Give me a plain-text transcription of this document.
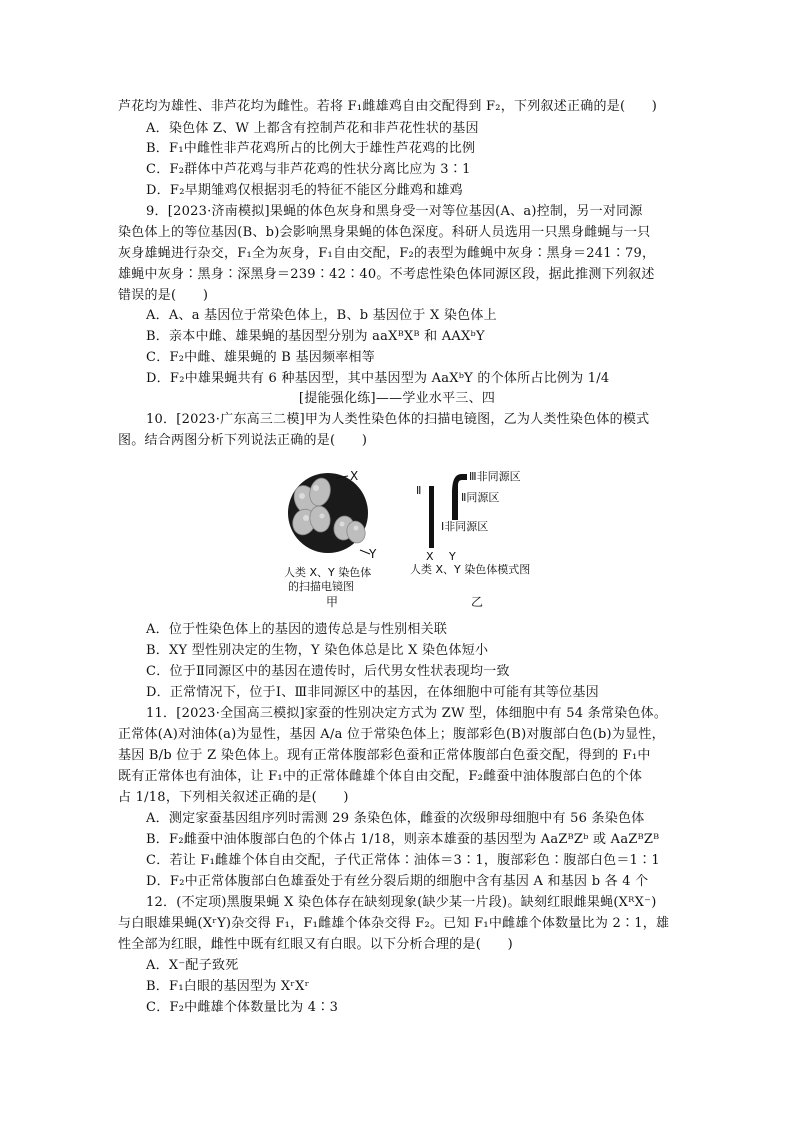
芦花均为雄性、非芦花均为雌性。若将 F₁雌雄鸡自由交配得到 F₂，下列叙述正确的是(　　)
A．染色体 Z、W 上都含有控制芦花和非芦花性状的基因
B．F₁中雌性非芦花鸡所占的比例大于雄性芦花鸡的比例
C．F₂群体中芦花鸡与非芦花鸡的性状分离比应为 3∶1
D．F₂早期雏鸡仅根据羽毛的特征不能区分雌鸡和雄鸡
9．[2023·济南模拟]果蝇的体色灰身和黑身受一对等位基因(A、a)控制，另一对同源
染色体上的等位基因(B、b)会影响黑身果蝇的体色深度。科研人员选用一只黑身雌蝇与一只
灰身雄蝇进行杂交，F₁全为灰身，F₁自由交配，F₂的表型为雌蝇中灰身∶黑身＝241∶79，
雄蝇中灰身∶黑身∶深黑身＝239∶42∶40。不考虑性染色体同源区段，据此推测下列叙述
错误的是(　　)
A．A、a 基因位于常染色体上，B、b 基因位于 X 染色体上
B．亲本中雌、雄果蝇的基因型分别为 aaXᴮXᴮ 和 AAXᵇY
C．F₂中雌、雄果蝇的 B 基因频率相等
D．F₂中雄果蝇共有 6 种基因型，其中基因型为 AaXᵇY 的个体所占比例为 1/4
[提能强化练]——学业水平三、四
10．[2023·广东高三二模]甲为人类性染色体的扫描电镜图，乙为人类性染色体的模式
图。结合两图分析下列说法正确的是(　　)
X
Y
人类 X、Y 染色体
的扫描电镜图
甲
Ⅱ
Ⅲ非同源区
Ⅱ同源区
Ⅰ非同源区
X Y
人类 X、Y 染色体模式图
乙
A．位于性染色体上的基因的遗传总是与性别相关联
B．XY 型性别决定的生物，Y 染色体总是比 X 染色体短小
C．位于Ⅱ同源区中的基因在遗传时，后代男女性状表现均一致
D．正常情况下，位于Ⅰ、Ⅲ非同源区中的基因，在体细胞中可能有其等位基因
11．[2023·全国高三模拟]家蚕的性别决定方式为 ZW 型，体细胞中有 54 条常染色体。
正常体(A)对油体(a)为显性，基因 A/a 位于常染色体上；腹部彩色(B)对腹部白色(b)为显性，
基因 B/b 位于 Z 染色体上。现有正常体腹部彩色蚕和正常体腹部白色蚕交配，得到的 F₁中
既有正常体也有油体，让 F₁中的正常体雌雄个体自由交配，F₂雌蚕中油体腹部白色的个体
占 1/18，下列相关叙述正确的是(　　)
A．测定家蚕基因组序列时需测 29 条染色体，雌蚕的次级卵母细胞中有 56 条染色体
B．F₂雌蚕中油体腹部白色的个体占 1/18，则亲本雄蚕的基因型为 AaZᴮZᵇ 或 AaZᴮZᴮ
C．若让 F₁雌雄个体自由交配，子代正常体∶油体＝3∶1，腹部彩色∶腹部白色＝1∶1
D．F₂中正常体腹部白色雄蚕处于有丝分裂后期的细胞中含有基因 A 和基因 b 各 4 个
12．(不定项)黑腹果蝇 X 染色体存在缺刻现象(缺少某一片段)。缺刻红眼雌果蝇(XᴿX⁻)
与白眼雄果蝇(XʳY)杂交得 F₁，F₁雌雄个体杂交得 F₂。已知 F₁中雌雄个体数量比为 2∶1，雄
性全部为红眼，雌性中既有红眼又有白眼。以下分析合理的是(　　)
A．X⁻配子致死
B．F₁白眼的基因型为 XʳXʳ
C．F₂中雌雄个体数量比为 4∶3
